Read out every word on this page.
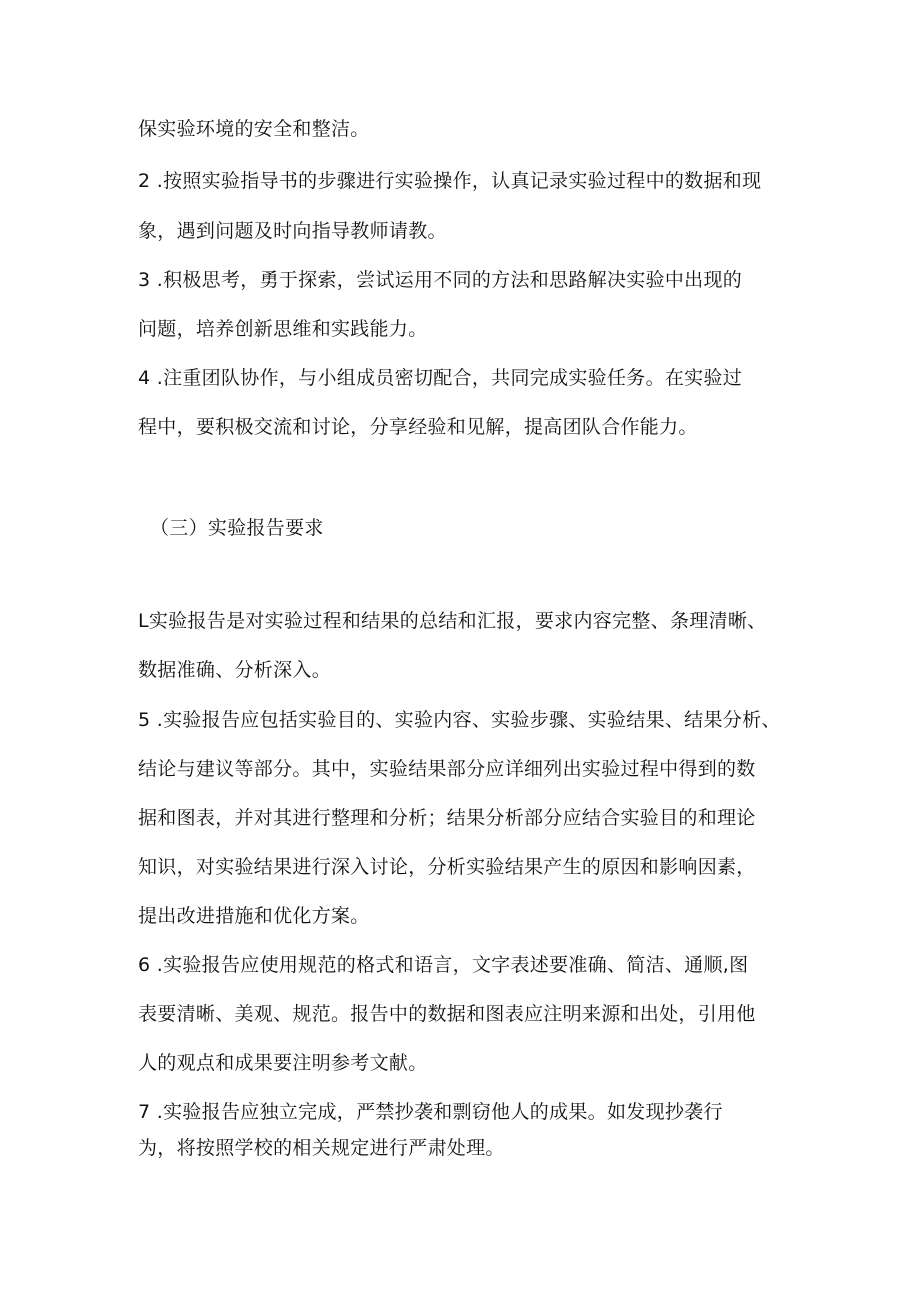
保实验环境的安全和整洁。

2 .按照实验指导书的步骤进行实验操作，认真记录实验过程中的数据和现

象，遇到问题及时向指导教师请教。

3 .积极思考，勇于探索，尝试运用不同的方法和思路解决实验中出现的

问题，培养创新思维和实践能力。

4 .注重团队协作，与小组成员密切配合，共同完成实验任务。在实验过

程中，要积极交流和讨论，分享经验和见解，提高团队合作能力。

（三）实验报告要求

L实验报告是对实验过程和结果的总结和汇报，要求内容完整、条理清晰、

数据准确、分析深入。

5 .实验报告应包括实验目的、实验内容、实验步骤、实验结果、结果分析、

结论与建议等部分。其中，实验结果部分应详细列出实验过程中得到的数

据和图表，并对其进行整理和分析；结果分析部分应结合实验目的和理论

知识，对实验结果进行深入讨论，分析实验结果产生的原因和影响因素，

提出改进措施和优化方案。

6 .实验报告应使用规范的格式和语言，文字表述要准确、简洁、通顺,图

表要清晰、美观、规范。报告中的数据和图表应注明来源和出处，引用他

人的观点和成果要注明参考文献。

7 .实验报告应独立完成，严禁抄袭和剽窃他人的成果。如发现抄袭行

为，将按照学校的相关规定进行严肃处理。
